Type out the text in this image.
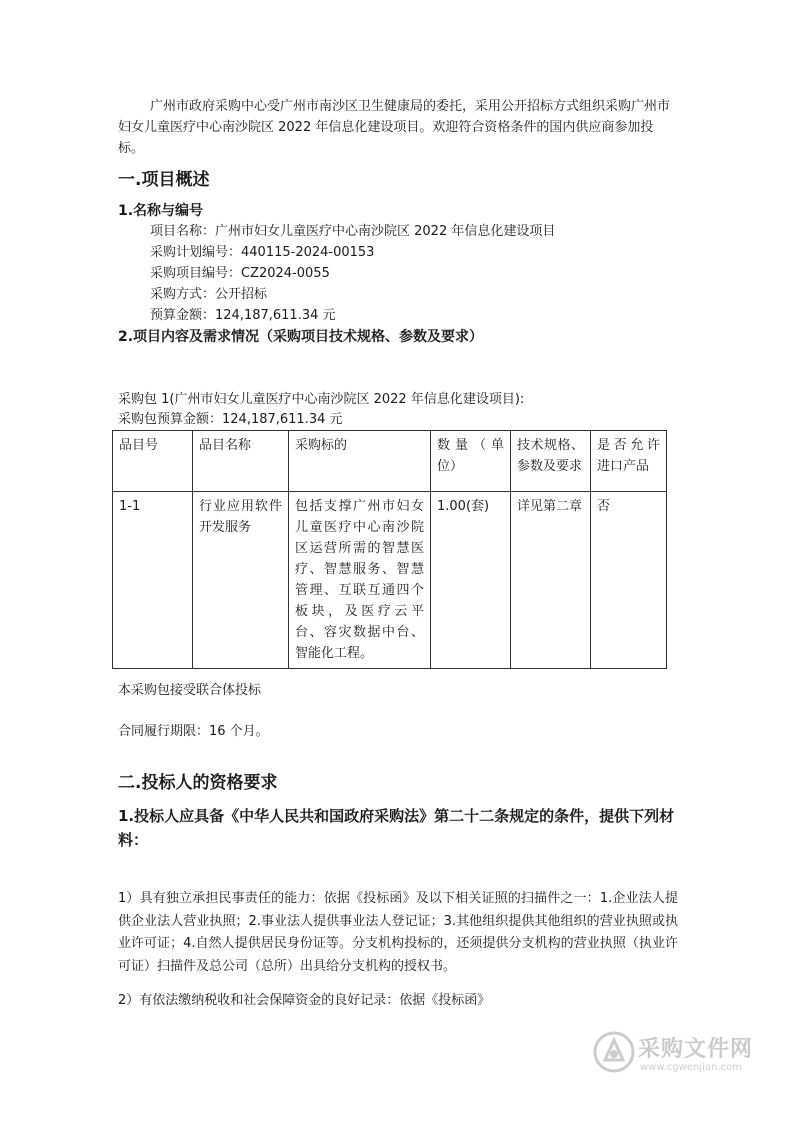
广州市政府采购中心受广州市南沙区卫生健康局的委托，采用公开招标方式组织采购广州市妇女儿童医疗中心南沙院区 2022 年信息化建设项目。欢迎符合资格条件的国内供应商参加投标。
一.项目概述
1.名称与编号
项目名称：广州市妇女儿童医疗中心南沙院区 2022 年信息化建设项目
采购计划编号：440115-2024-00153
采购项目编号：CZ2024-0055
采购方式：公开招标
预算金额：124,187,611.34 元
2.项目内容及需求情况（采购项目技术规格、参数及要求）
采购包 1(广州市妇女儿童医疗中心南沙院区 2022 年信息化建设项目):
采购包预算金额：124,187,611.34 元
品目号	品目名称	采购标的	数量（单位）	技术规格、参数及要求	是否允许进口产品
1-1	行业应用软件开发服务	包括支撑广州市妇女儿童医疗中心南沙院区运营所需的智慧医疗、智慧服务、智慧管理、互联互通四个板块，及医疗云平台、容灾数据中台、智能化工程。	1.00(套)	详见第二章	否
本采购包接受联合体投标
合同履行期限：16 个月。
二.投标人的资格要求
1.投标人应具备《中华人民共和国政府采购法》第二十二条规定的条件，提供下列材料：
1）具有独立承担民事责任的能力：依据《投标函》及以下相关证照的扫描件之一：1.企业法人提供企业法人营业执照；2.事业法人提供事业法人登记证；3.其他组织提供其他组织的营业执照或执业许可证；4.自然人提供居民身份证等。分支机构投标的，还须提供分支机构的营业执照（执业许可证）扫描件及总公司（总所）出具给分支机构的授权书。
2）有依法缴纳税收和社会保障资金的良好记录：依据《投标函》
采购文件网
www.cgwenjian.com
